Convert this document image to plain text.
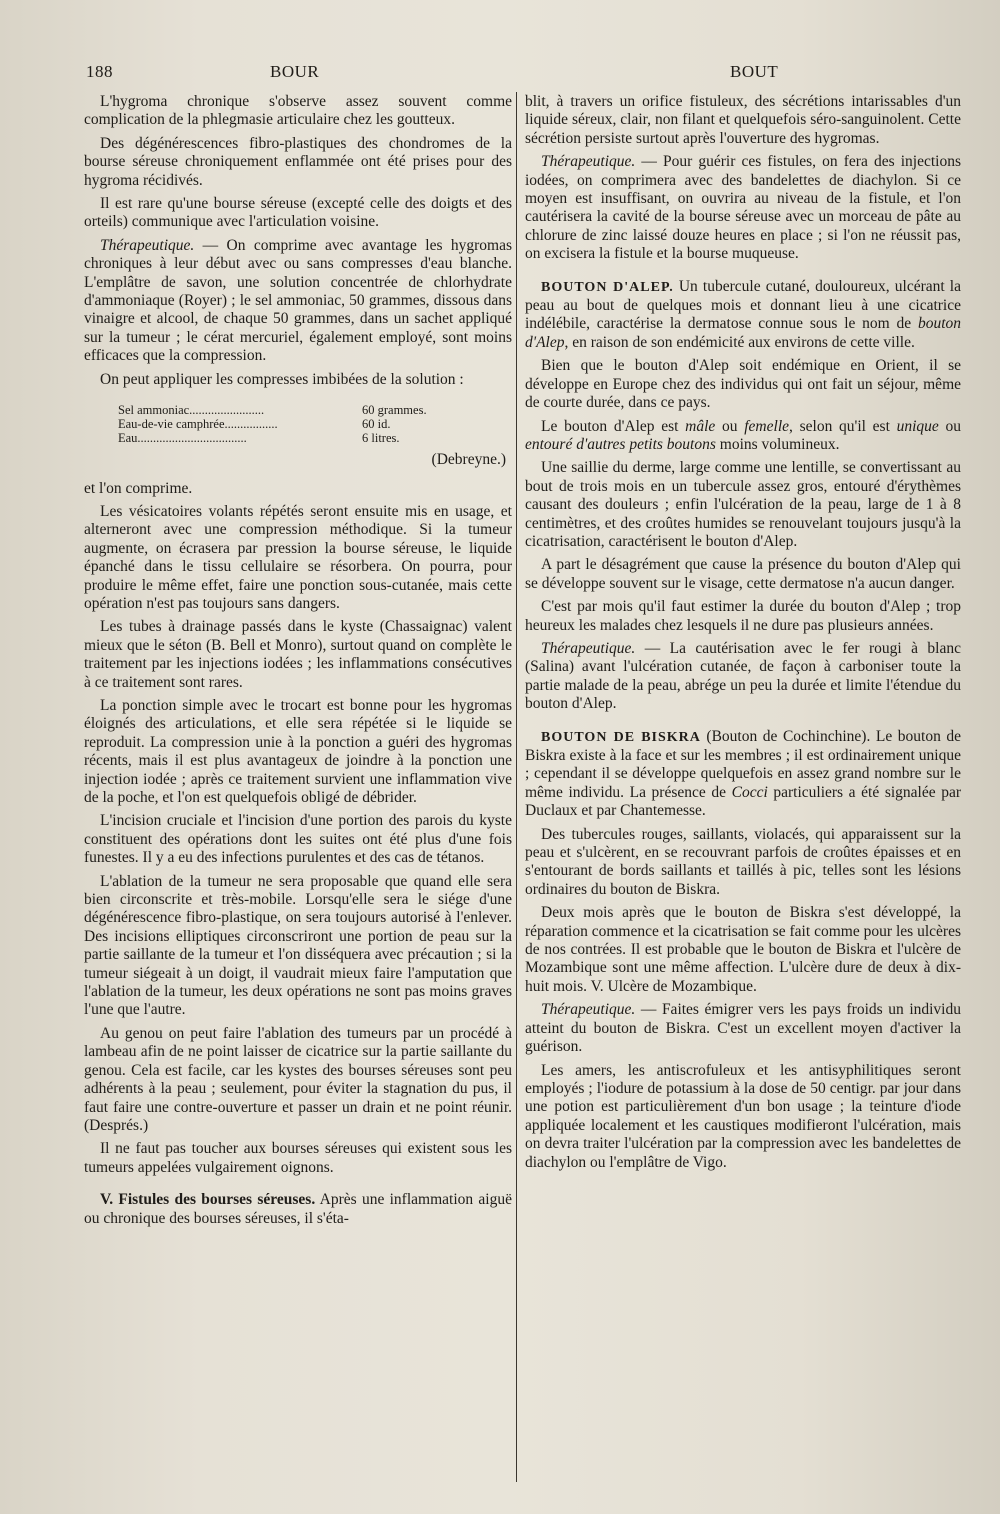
188	BOUR	BOUT

L'hygroma chronique s'observe assez souvent comme complication de la phlegmasie articulaire chez les goutteux.

Des dégénérescences fibro-plastiques des chondromes de la bourse séreuse chroniquement enflammée ont été prises pour des hygroma récidivés.

Il est rare qu'une bourse séreuse (excepté celle des doigts et des orteils) communique avec l'articulation voisine.

Thérapeutique. — On comprime avec avantage les hygromas chroniques à leur début avec ou sans compresses d'eau blanche. L'emplâtre de savon, une solution concentrée de chlorhydrate d'ammoniaque (Royer) ; le sel ammoniac, 50 grammes, dissous dans vinaigre et alcool, de chaque 50 grammes, dans un sachet appliqué sur la tumeur ; le cérat mercuriel, également employé, sont moins efficaces que la compression.

On peut appliquer les compresses imbibées de la solution :

Sel ammoniac........................	60 grammes.
Eau-de-vie camphrée.................	60 id.
Eau...................................	6 litres.
(Debreyne.)

et l'on comprime.

Les vésicatoires volants répétés seront ensuite mis en usage, et alterneront avec une compression méthodique. Si la tumeur augmente, on écrasera par pression la bourse séreuse, le liquide épanché dans le tissu cellulaire se résorbera. On pourra, pour produire le même effet, faire une ponction sous-cutanée, mais cette opération n'est pas toujours sans dangers.

Les tubes à drainage passés dans le kyste (Chassaignac) valent mieux que le séton (B. Bell et Monro), surtout quand on complète le traitement par les injections iodées ; les inflammations consécutives à ce traitement sont rares.

La ponction simple avec le trocart est bonne pour les hygromas éloignés des articulations, et elle sera répétée si le liquide se reproduit. La compression unie à la ponction a guéri des hygromas récents, mais il est plus avantageux de joindre à la ponction une injection iodée ; après ce traitement survient une inflammation vive de la poche, et l'on est quelquefois obligé de débrider.

L'incision cruciale et l'incision d'une portion des parois du kyste constituent des opérations dont les suites ont été plus d'une fois funestes. Il y a eu des infections purulentes et des cas de tétanos.

L'ablation de la tumeur ne sera proposable que quand elle sera bien circonscrite et très-mobile. Lorsqu'elle sera le siége d'une dégénérescence fibro-plastique, on sera toujours autorisé à l'enlever. Des incisions elliptiques circonscriront une portion de peau sur la partie saillante de la tumeur et l'on disséquera avec précaution ; si la tumeur siégeait à un doigt, il vaudrait mieux faire l'amputation que l'ablation de la tumeur, les deux opérations ne sont pas moins graves l'une que l'autre.

Au genou on peut faire l'ablation des tumeurs par un procédé à lambeau afin de ne point laisser de cicatrice sur la partie saillante du genou. Cela est facile, car les kystes des bourses séreuses sont peu adhérents à la peau ; seulement, pour éviter la stagnation du pus, il faut faire une contre-ouverture et passer un drain et ne point réunir. (Després.)

Il ne faut pas toucher aux bourses séreuses qui existent sous les tumeurs appelées vulgairement oignons.

V. Fistules des bourses séreuses. Après une inflammation aiguë ou chronique des bourses séreuses, il s'éta-

blit, à travers un orifice fistuleux, des sécrétions intarissables d'un liquide séreux, clair, non filant et quelquefois séro-sanguinolent. Cette sécrétion persiste surtout après l'ouverture des hygromas.

Thérapeutique. — Pour guérir ces fistules, on fera des injections iodées, on comprimera avec des bandelettes de diachylon. Si ce moyen est insuffisant, on ouvrira au niveau de la fistule, et l'on cautérisera la cavité de la bourse séreuse avec un morceau de pâte au chlorure de zinc laissé douze heures en place ; si l'on ne réussit pas, on excisera la fistule et la bourse muqueuse.

BOUTON D'ALEP. Un tubercule cutané, douloureux, ulcérant la peau au bout de quelques mois et donnant lieu à une cicatrice indélébile, caractérise la dermatose connue sous le nom de bouton d'Alep, en raison de son endémicité aux environs de cette ville.

Bien que le bouton d'Alep soit endémique en Orient, il se développe en Europe chez des individus qui ont fait un séjour, même de courte durée, dans ce pays.

Le bouton d'Alep est mâle ou femelle, selon qu'il est unique ou entouré d'autres petits boutons moins volumineux.

Une saillie du derme, large comme une lentille, se convertissant au bout de trois mois en un tubercule assez gros, entouré d'érythèmes causant des douleurs ; enfin l'ulcération de la peau, large de 1 à 8 centimètres, et des croûtes humides se renouvelant toujours jusqu'à la cicatrisation, caractérisent le bouton d'Alep.

A part le désagrément que cause la présence du bouton d'Alep qui se développe souvent sur le visage, cette dermatose n'a aucun danger.

C'est par mois qu'il faut estimer la durée du bouton d'Alep ; trop heureux les malades chez lesquels il ne dure pas plusieurs années.

Thérapeutique. — La cautérisation avec le fer rougi à blanc (Salina) avant l'ulcération cutanée, de façon à carboniser toute la partie malade de la peau, abrége un peu la durée et limite l'étendue du bouton d'Alep.

BOUTON DE BISKRA (Bouton de Cochinchine). Le bouton de Biskra existe à la face et sur les membres ; il est ordinairement unique ; cependant il se développe quelquefois en assez grand nombre sur le même individu. La présence de Cocci particuliers a été signalée par Duclaux et par Chantemesse.

Des tubercules rouges, saillants, violacés, qui apparaissent sur la peau et s'ulcèrent, en se recouvrant parfois de croûtes épaisses et en s'entourant de bords saillants et taillés à pic, telles sont les lésions ordinaires du bouton de Biskra.

Deux mois après que le bouton de Biskra s'est développé, la réparation commence et la cicatrisation se fait comme pour les ulcères de nos contrées. Il est probable que le bouton de Biskra et l'ulcère de Mozambique sont une même affection. L'ulcère dure de deux à dix-huit mois. V. Ulcère de Mozambique.

Thérapeutique. — Faites émigrer vers les pays froids un individu atteint du bouton de Biskra. C'est un excellent moyen d'activer la guérison.

Les amers, les antiscrofuleux et les antisyphilitiques seront employés ; l'iodure de potassium à la dose de 50 centigr. par jour dans une potion est particulièrement d'un bon usage ; la teinture d'iode appliquée localement et les caustiques modifieront l'ulcération, mais on devra traiter l'ulcération par la compression avec les bandelettes de diachylon ou l'emplâtre de Vigo.
